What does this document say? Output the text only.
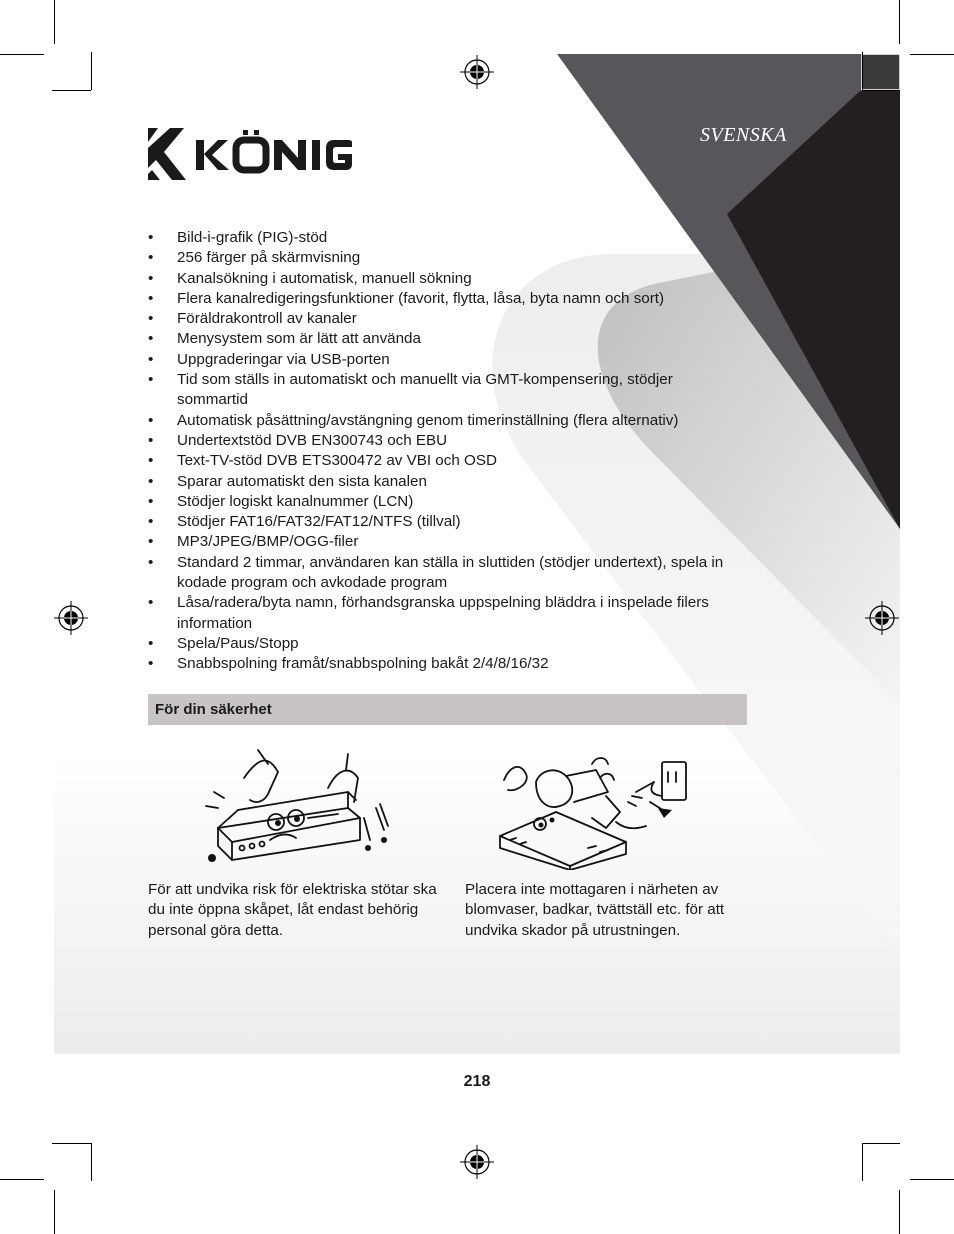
SVENSKA
• Bild-i-grafik (PIG)-stöd
• 256 färger på skärmvisning
• Kanalsökning i automatisk, manuell sökning
• Flera kanalredigeringsfunktioner (favorit, flytta, låsa, byta namn och sort)
• Föräldrakontroll av kanaler
• Menysystem som är lätt att använda
• Uppgraderingar via USB-porten
• Tid som ställs in automatiskt och manuellt via GMT-kompensering, stödjer sommartid
• Automatisk påsättning/avstängning genom timerinställning (flera alternativ)
• Undertextstöd DVB EN300743 och EBU
• Text-TV-stöd DVB ETS300472 av VBI och OSD
• Sparar automatiskt den sista kanalen
• Stödjer logiskt kanalnummer (LCN)
• Stödjer FAT16/FAT32/FAT12/NTFS (tillval)
• MP3/JPEG/BMP/OGG-filer
• Standard 2 timmar, användaren kan ställa in sluttiden (stödjer undertext), spela in kodade program och avkodade program
• Låsa/radera/byta namn, förhandsgranska uppspelning bläddra i inspelade filers information
• Spela/Paus/Stopp
• Snabbspolning framåt/snabbspolning bakåt 2/4/8/16/32
För din säkerhet
För att undvika risk för elektriska stötar ska du inte öppna skåpet, låt endast behörig personal göra detta.
Placera inte mottagaren i närheten av blomvaser, badkar, tvättställ etc. för att undvika skador på utrustningen.
218
